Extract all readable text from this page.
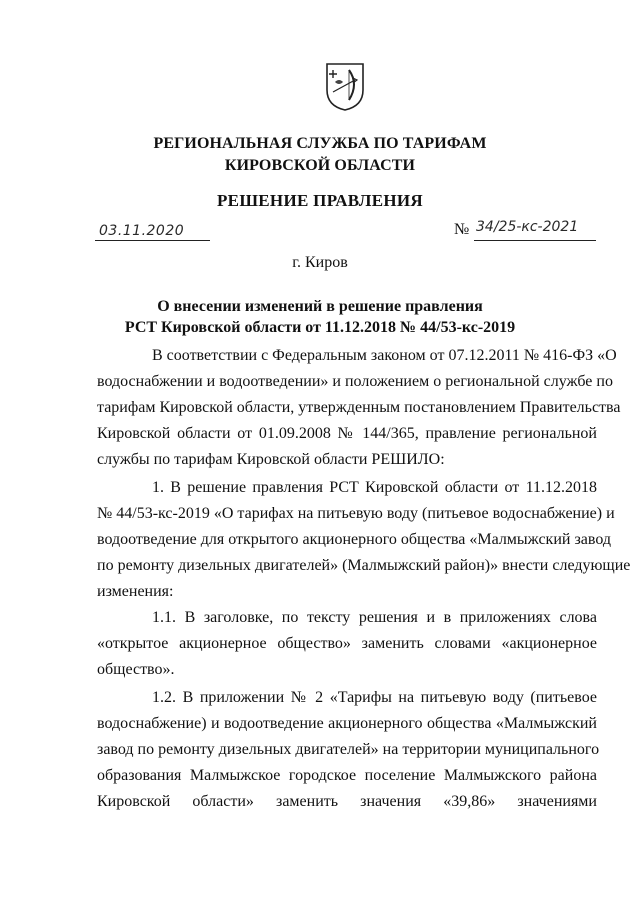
РЕГИОНАЛЬНАЯ СЛУЖБА ПО ТАРИФАМ
КИРОВСКОЙ ОБЛАСТИ
РЕШЕНИЕ ПРАВЛЕНИЯ
03.11.2020	№ 34/25-кс-2021
г. Киров
О внесении изменений в решение правления
РСТ Кировской области от 11.12.2018 № 44/53-кс-2019
В соответствии с Федеральным законом от 07.12.2011 № 416-ФЗ «О
водоснабжении и водоотведении» и положением о региональной службе по
тарифам Кировской области, утвержденным постановлением Правительства
Кировской области от 01.09.2008 № 144/365, правление региональной
службы по тарифам Кировской области РЕШИЛО:
1. В решение правления РСТ Кировской области от 11.12.2018
№ 44/53-кс-2019 «О тарифах на питьевую воду (питьевое водоснабжение) и
водоотведение для открытого акционерного общества «Малмыжский завод
по ремонту дизельных двигателей» (Малмыжский район)» внести следующие
изменения:
1.1. В заголовке, по тексту решения и в приложениях слова
«открытое акционерное общество» заменить словами «акционерное
общество».
1.2. В приложении № 2 «Тарифы на питьевую воду (питьевое
водоснабжение) и водоотведение акционерного общества «Малмыжский
завод по ремонту дизельных двигателей» на территории муниципального
образования Малмыжское городское поселение Малмыжского района
Кировской области» заменить значения «39,86» значениями
